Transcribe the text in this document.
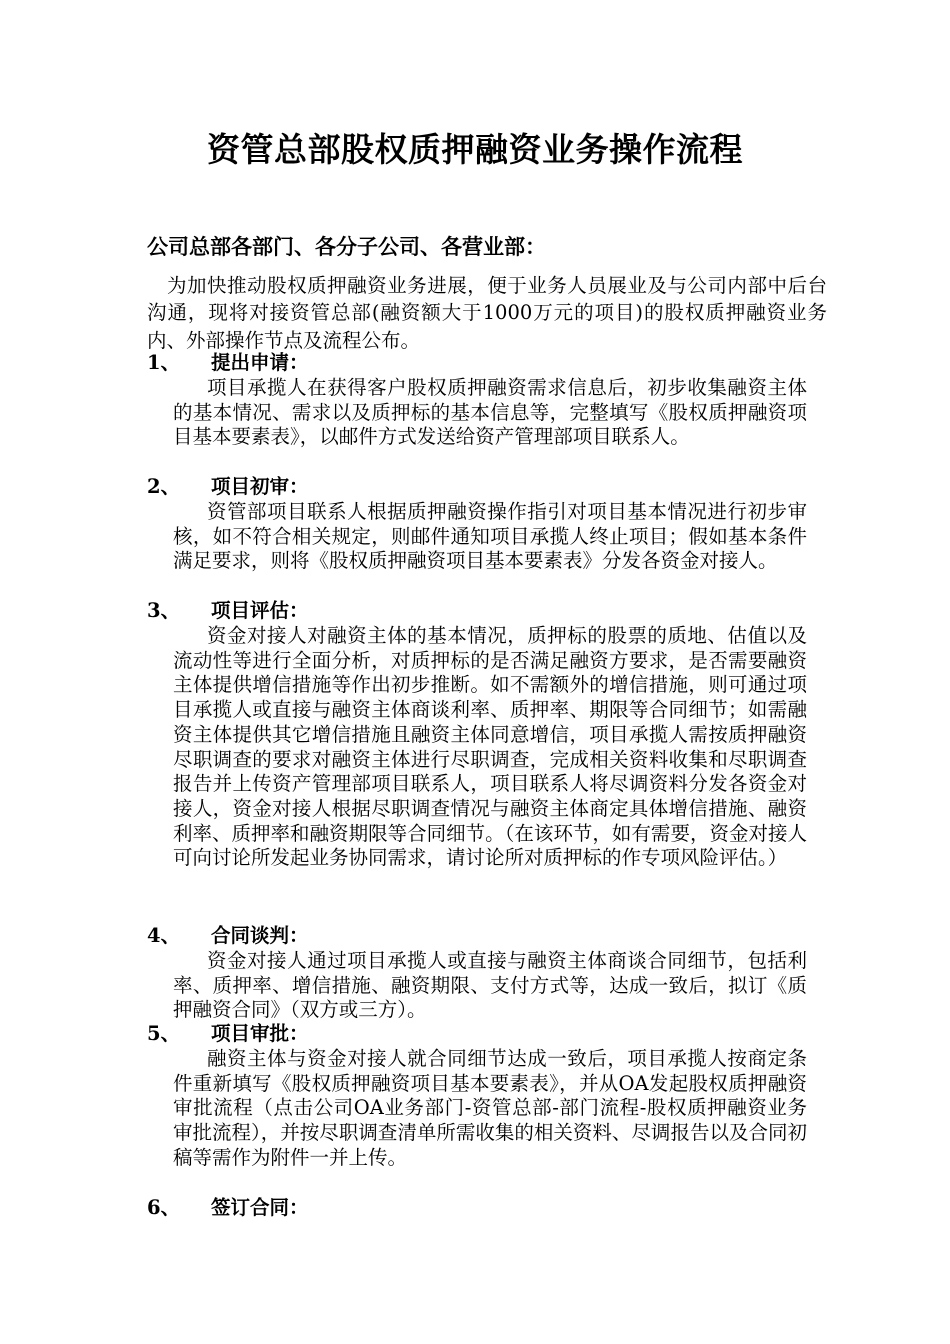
资管总部股权质押融资业务操作流程
公司总部各部门、各分子公司、各营业部：
为加快推动股权质押融资业务进展，便于业务人员展业及与公司内部中后台沟通，现将对接资管总部(融资额大于1000万元的项目)的股权质押融资业务内、外部操作节点及流程公布。
1、 提出申请：
项目承揽人在获得客户股权质押融资需求信息后，初步收集融资主体的基本情况、需求以及质押标的基本信息等，完整填写《股权质押融资项目基本要素表》，以邮件方式发送给资产管理部项目联系人。
2、 项目初审：
资管部项目联系人根据质押融资操作指引对项目基本情况进行初步审核，如不符合相关规定，则邮件通知项目承揽人终止项目；假如基本条件满足要求，则将《股权质押融资项目基本要素表》分发各资金对接人。
3、 项目评估：
资金对接人对融资主体的基本情况，质押标的股票的质地、估值以及流动性等进行全面分析，对质押标的是否满足融资方要求，是否需要融资主体提供增信措施等作出初步推断。如不需额外的增信措施，则可通过项目承揽人或直接与融资主体商谈利率、质押率、期限等合同细节；如需融资主体提供其它增信措施且融资主体同意增信，项目承揽人需按质押融资尽职调查的要求对融资主体进行尽职调查，完成相关资料收集和尽职调查报告并上传资产管理部项目联系人，项目联系人将尽调资料分发各资金对接人，资金对接人根据尽职调查情况与融资主体商定具体增信措施、融资利率、质押率和融资期限等合同细节。（在该环节，如有需要，资金对接人可向讨论所发起业务协同需求，请讨论所对质押标的作专项风险评估。）
4、 合同谈判：
资金对接人通过项目承揽人或直接与融资主体商谈合同细节，包括利率、质押率、增信措施、融资期限、支付方式等，达成一致后，拟订《质押融资合同》（双方或三方）。
5、 项目审批：
融资主体与资金对接人就合同细节达成一致后，项目承揽人按商定条件重新填写《股权质押融资项目基本要素表》，并从OA发起股权质押融资审批流程（点击公司OA业务部门-资管总部-部门流程-股权质押融资业务审批流程），并按尽职调查清单所需收集的相关资料、尽调报告以及合同初稿等需作为附件一并上传。
6、 签订合同：
